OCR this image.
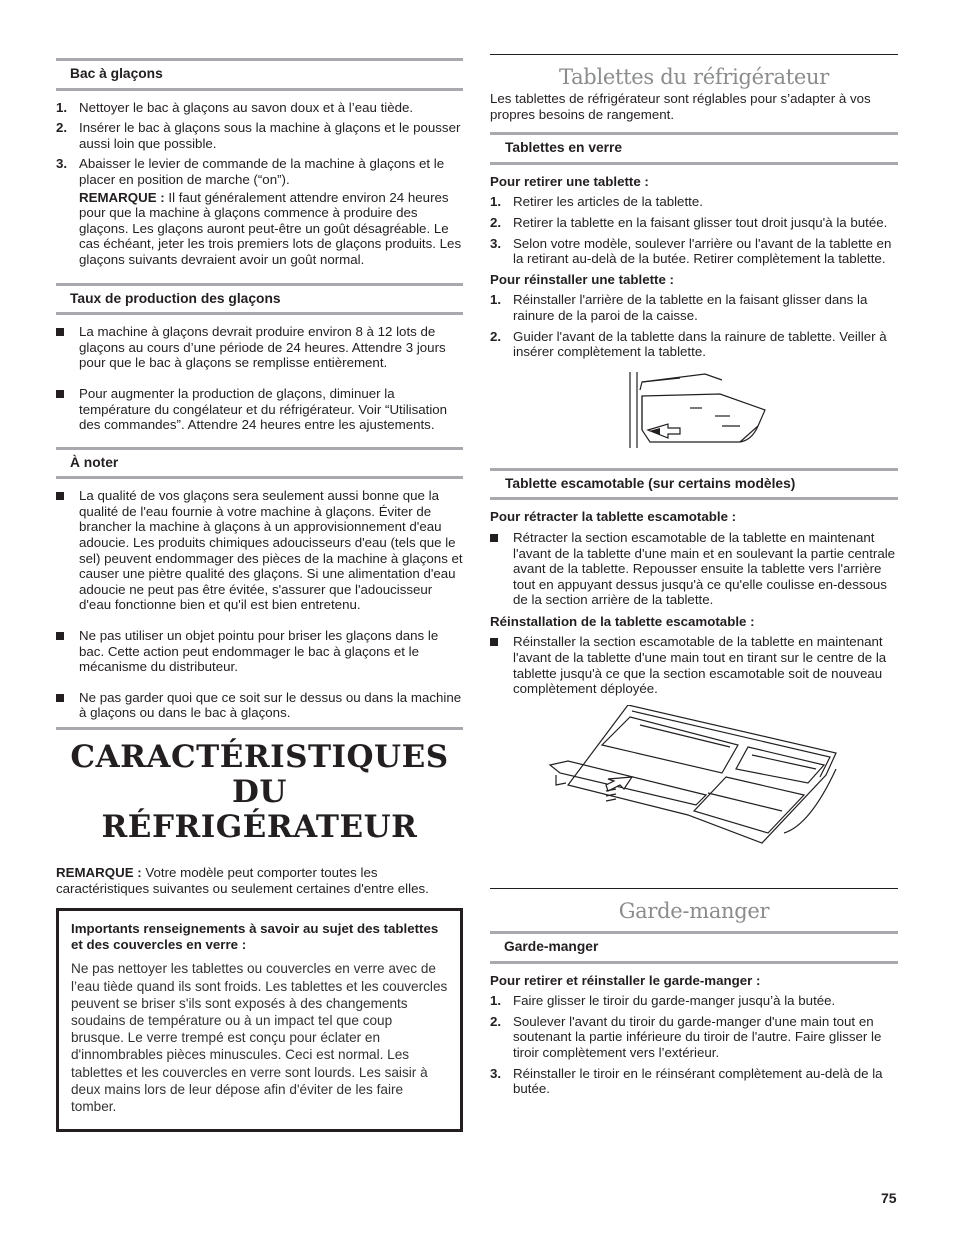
Bac à glaçons
1. Nettoyer le bac à glaçons au savon doux et à l’eau tiède.
2. Insérer le bac à glaçons sous la machine à glaçons et le pousser aussi loin que possible.
3. Abaisser le levier de commande de la machine à glaçons et le placer en position de marche (“on”).
REMARQUE : Il faut généralement attendre environ 24 heures pour que la machine à glaçons commence à produire des glaçons. Les glaçons auront peut-être un goût désagréable. Le cas échéant, jeter les trois premiers lots de glaçons produits. Les glaçons suivants devraient avoir un goût normal.
Taux de production des glaçons
La machine à glaçons devrait produire environ 8 à 12 lots de glaçons au cours d’une période de 24 heures. Attendre 3 jours pour que le bac à glaçons se remplisse entièrement.
Pour augmenter la production de glaçons, diminuer la température du congélateur et du réfrigérateur. Voir “Utilisation des commandes”. Attendre 24 heures entre les ajustements.
À noter
La qualité de vos glaçons sera seulement aussi bonne que la qualité de l'eau fournie à votre machine à glaçons. Éviter de brancher la machine à glaçons à un approvisionnement d'eau adoucie. Les produits chimiques adoucisseurs d'eau (tels que le sel) peuvent endommager des pièces de la machine à glaçons et causer une piètre qualité des glaçons. Si une alimentation d'eau adoucie ne peut pas être évitée, s'assurer que l'adoucisseur d'eau fonctionne bien et qu'il est bien entretenu.
Ne pas utiliser un objet pointu pour briser les glaçons dans le bac. Cette action peut endommager le bac à glaçons et le mécanisme du distributeur.
Ne pas garder quoi que ce soit sur le dessus ou dans la machine à glaçons ou dans le bac à glaçons.
CARACTÉRISTIQUES DU
RÉFRIGÉRATEUR

REMARQUE : Votre modèle peut comporter toutes les caractéristiques suivantes ou seulement certaines d'entre elles.

Importants renseignements à savoir au sujet des tablettes et des couvercles en verre :

Ne pas nettoyer les tablettes ou couvercles en verre avec de l’eau tiède quand ils sont froids. Les tablettes et les couvercles peuvent se briser s'ils sont exposés à des changements soudains de température ou à un impact tel que coup brusque. Le verre trempé est conçu pour éclater en d'innombrables pièces minuscules. Ceci est normal. Les tablettes et les couvercles en verre sont lourds. Les saisir à deux mains lors de leur dépose afin d'éviter de les faire tomber.

Tablettes du réfrigérateur

Les tablettes de réfrigérateur sont réglables pour s’adapter à vos propres besoins de rangement.

Tablettes en verre
Pour retirer une tablette :
1. Retirer les articles de la tablette.
2. Retirer la tablette en la faisant glisser tout droit jusqu'à la butée.
3. Selon votre modèle, soulever l'arrière ou l'avant de la tablette en la retirant au-delà de la butée. Retirer complètement la tablette.
Pour réinstaller une tablette :
1. Réinstaller l'arrière de la tablette en la faisant glisser dans la rainure de la paroi de la caisse.
2. Guider l'avant de la tablette dans la rainure de tablette. Veiller à insérer complètement la tablette.
Tablette escamotable (sur certains modèles)
Pour rétracter la tablette escamotable :
Rétracter la section escamotable de la tablette en maintenant l'avant de la tablette d'une main et en soulevant la partie centrale avant de la tablette. Repousser ensuite la tablette vers l'arrière tout en appuyant dessus jusqu'à ce qu'elle coulisse en-dessous de la section arrière de la tablette.
Réinstallation de la tablette escamotable :
Réinstaller la section escamotable de la tablette en maintenant l'avant de la tablette d'une main tout en tirant sur le centre de la tablette jusqu'à ce que la section escamotable soit de nouveau complètement déployée.
Garde-manger
Garde-manger
Pour retirer et réinstaller le garde-manger :
1. Faire glisser le tiroir du garde-manger jusqu’à la butée.
2. Soulever l'avant du tiroir du garde-manger d'une main tout en soutenant la partie inférieure du tiroir de l'autre. Faire glisser le tiroir complètement vers l’extérieur.
3. Réinstaller le tiroir en le réinsérant complètement au-delà de la butée.
75
